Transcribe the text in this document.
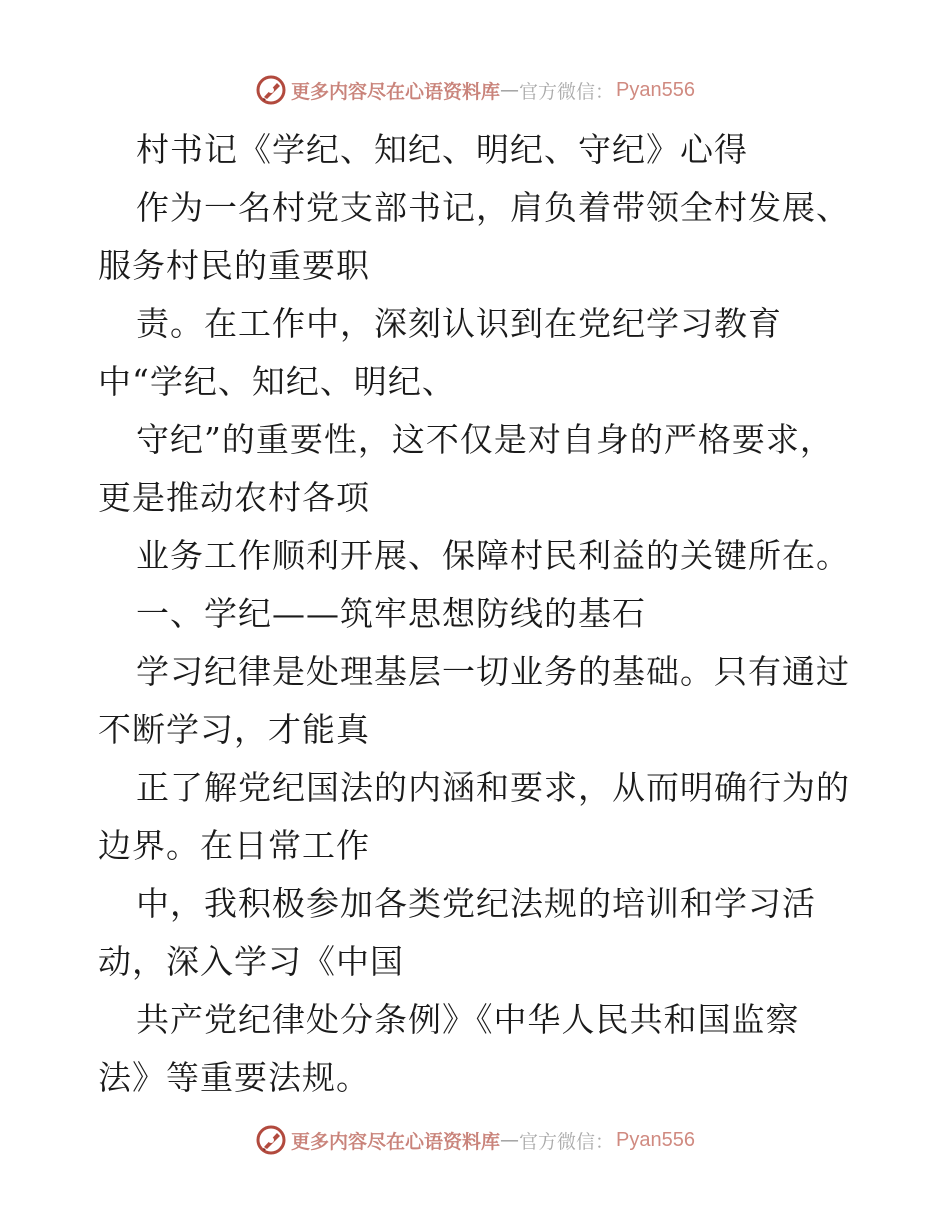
更多内容尽在心语资料库 — 官方微信： Pyan556
村书记《学纪、知纪、明纪、守纪》心得
作为一名村党支部书记，肩负着带领全村发展、
服务村民的重要职
责。在工作中，深刻认识到在党纪学习教育
中“学纪、知纪、明纪、
守纪”的重要性，这不仅是对自身的严格要求，
更是推动农村各项
业务工作顺利开展、保障村民利益的关键所在。
一、学纪——筑牢思想防线的基石
学习纪律是处理基层一切业务的基础。只有通过
不断学习，才能真
正了解党纪国法的内涵和要求，从而明确行为的
边界。在日常工作
中，我积极参加各类党纪法规的培训和学习活
动，深入学习《中国
共产党纪律处分条例》《中华人民共和国监察
法》等重要法规。
更多内容尽在心语资料库 — 官方微信： Pyan556
